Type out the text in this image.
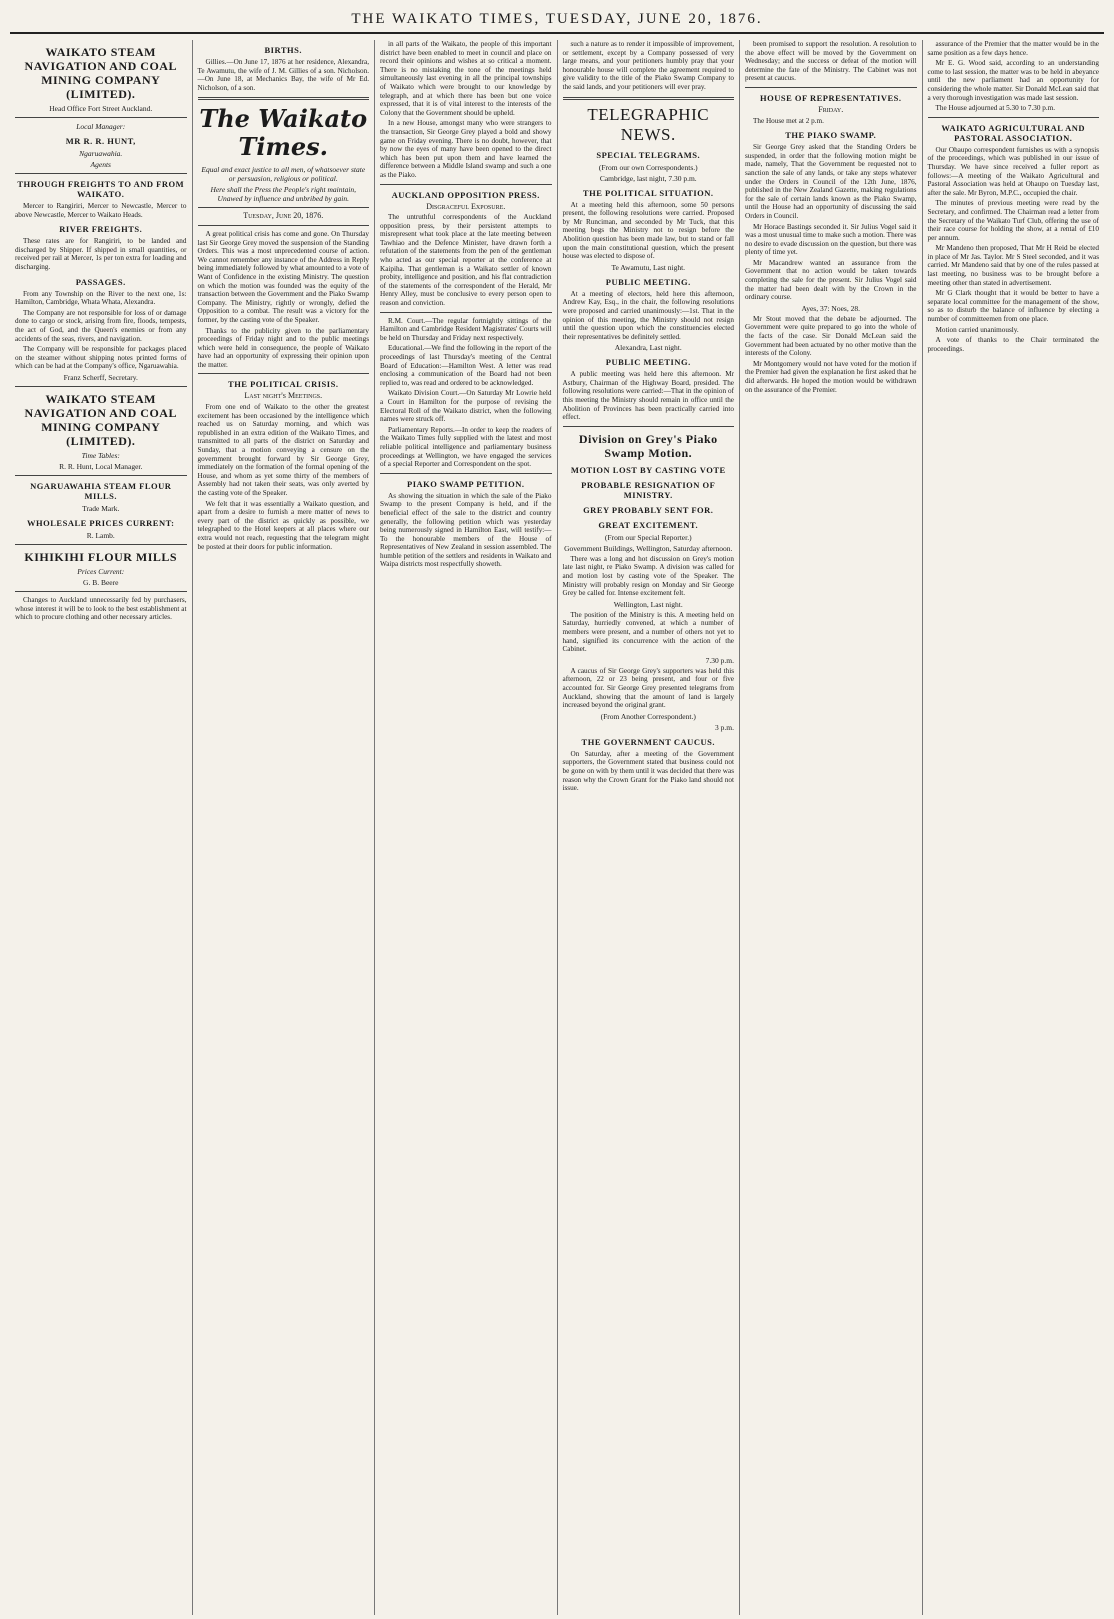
THE WAIKATO TIMES, TUESDAY, JUNE 20, 1876.
WAIKATO STEAM NAVIGATION AND COAL MINING COMPANY (LIMITED).
Head Office Fort Street Auckland.
Local Manager:
MR R. R. HUNT,
Ngaruawahia.
Agents
THROUGH FREIGHTS TO AND FROM WAIKATO.

Mercer to Rangiriri, Mercer to Newcastle, Mercer to above Newcastle, Mercer to Waikato Heads.

RIVER FREIGHTS.

These rates are for Rangiriri, to be landed and discharged by Shipper. If shipped in small quantities, or received per rail at Mercer, 1s per ton extra for loading and discharging.

PASSAGES.

From any Township on the River to the next one, 1s: Hamilton, Cambridge, Whata Whata, Alexandra.

The Company are not responsible for loss of or damage done to cargo or stock, arising from fire, floods, tempests, the act of God, and the Queen's enemies or from any accidents of the seas, rivers, and navigation.

The Company will be responsible for packages placed on the steamer without shipping notes printed forms of which can be had at the Company's office, Ngaruawahia.

Franz Scherff, Secretary.
WAIKATO STEAM NAVIGATION AND COAL MINING COMPANY (LIMITED).
Time Tables:
R. R. Hunt, Local Manager.
NGARUAWAHIA STEAM FLOUR MILLS.
Trade Mark.
WHOLESALE PRICES CURRENT:
R. Lamb.
KIHIKIHI FLOUR MILLS
Prices Current:
G. B. Beere

Changes to Auckland unnecessarily fed by purchasers, whose interest it will be to look to the best establishment at which to procure clothing and other necessary articles.

BIRTHS.

Gillies.—On June 17, 1876 at her residence, Alexandra, Te Awamutu, the wife of J. M. Gillies of a son. Nicholson.—On June 18, at Mechanics Bay, the wife of Mr Ed. Nicholson, of a son.

The Waikato Times.
Equal and exact justice to all men, of whatsoever state or persuasion, religious or political.
Here shall the Press the People's right maintain, Unawed by influence and unbribed by gain.
Tuesday, June 20, 1876.

A great political crisis has come and gone. On Thursday last Sir George Grey moved the suspension of the Standing Orders. This was a most unprecedented course of action. We cannot remember any instance of the Address in Reply being immediately followed by what amounted to a vote of Want of Confidence in the existing Ministry. The question on which the motion was founded was the equity of the transaction between the Government and the Piako Swamp Company. The Ministry, rightly or wrongly, defied the Opposition to a combat. The result was a victory for the former, by the casting vote of the Speaker.

Thanks to the publicity given to the parliamentary proceedings of Friday night and to the public meetings which were held in consequence, the people of Waikato have had an opportunity of expressing their opinion upon the matter.

THE POLITICAL CRISIS.
Last night's Meetings.

From one end of Waikato to the other the greatest excitement has been occasioned by the intelligence which reached us on Saturday morning, and which was republished in an extra edition of the Waikato Times, and transmitted to all parts of the district on Saturday and Sunday, that a motion conveying a censure on the government brought forward by Sir George Grey, immediately on the formation of the formal opening of the House, and whom as yet some thirty of the members of Assembly had not taken their seats, was only averted by the casting vote of the Speaker.

We felt that it was essentially a Waikato question, and apart from a desire to furnish a mere matter of news to every part of the district as quickly as possible, we telegraphed to the Hotel keepers at all places where our extra would not reach, requesting that the telegram might be posted at their doors for public information.

in all parts of the Waikato, the people of this important district have been enabled to meet in council and place on record their opinions and wishes at so critical a moment. There is no mistaking the tone of the meetings held simultaneously last evening in all the principal townships of Waikato which were brought to our knowledge by telegraph, and at which there has been but one voice expressed, that it is of vital interest to the interests of the Colony that the Government should be upheld.

In a new House, amongst many who were strangers to the transaction, Sir George Grey played a bold and showy game on Friday evening. There is no doubt, however, that by now the eyes of many have been opened to the direct which has been put upon them and have learned the difference between a Middle Island swamp and such a one as the Piako.

AUCKLAND OPPOSITION PRESS.
Disgraceful Exposure.

The untruthful correspondents of the Auckland opposition press, by their persistent attempts to misrepresent what took place at the late meeting between Tawhiao and the Defence Minister, have drawn forth a refutation of the statements from the pen of the gentleman who acted as our special reporter at the conference at Kaipiha. That gentleman is a Waikato settler of known probity, intelligence and position, and his flat contradiction of the statements of the correspondent of the Herald, Mr Henry Alley, must be conclusive to every person open to reason and conviction.

R.M. Court.—The regular fortnightly sittings of the Hamilton and Cambridge Resident Magistrates' Courts will be held on Thursday and Friday next respectively.

Educational.—We find the following in the report of the proceedings of last Thursday's meeting of the Central Board of Education:—Hamilton West. A letter was read enclosing a communication of the Board had not been replied to, was read and ordered to be acknowledged.

Waikato Division Court.—On Saturday Mr Lowrie held a Court in Hamilton for the purpose of revising the Electoral Roll of the Waikato district, when the following names were struck off.

Parliamentary Reports.—In order to keep the readers of the Waikato Times fully supplied with the latest and most reliable political intelligence and parliamentary business proceedings at Wellington, we have engaged the services of a special Reporter and Correspondent on the spot.

PIAKO SWAMP PETITION.

As showing the situation in which the sale of the Piako Swamp to the present Company is held, and if the beneficial effect of the sale to the district and country generally, the following petition which was yesterday being numerously signed in Hamilton East, will testify:—To the honourable members of the House of Representatives of New Zealand in session assembled. The humble petition of the settlers and residents in Waikato and Waipa districts most respectfully showeth.

such a nature as to render it impossible of improvement, or settlement, except by a Company possessed of very large means, and your petitioners humbly pray that your honourable house will complete the agreement required to give validity to the title of the Piako Swamp Company to the said lands, and your petitioners will ever pray.

TELEGRAPHIC NEWS.
SPECIAL TELEGRAMS.
(From our own Correspondents.)
Cambridge, last night, 7.30 p.m.
THE POLITICAL SITUATION.

At a meeting held this afternoon, some 50 persons present, the following resolutions were carried. Proposed by Mr Runciman, and seconded by Mr Tuck, that this meeting begs the Ministry not to resign before the Abolition question has been made law, but to stand or fall upon the main constitutional question, which the present house was elected to dispose of.

Te Awamutu, Last night.
PUBLIC MEETING.

At a meeting of electors, held here this afternoon, Andrew Kay, Esq., in the chair, the following resolutions were proposed and carried unanimously:—1st. That in the opinion of this meeting, the Ministry should not resign until the question upon which the constituencies elected their representatives be definitely settled.

Alexandra, Last night.
PUBLIC MEETING.

A public meeting was held here this afternoon. Mr Astbury, Chairman of the Highway Board, presided. The following resolutions were carried:—That in the opinion of this meeting the Ministry should remain in office until the Abolition of Provinces has been practically carried into effect.

Division on Grey's Piako Swamp Motion.
MOTION LOST BY CASTING VOTE
PROBABLE RESIGNATION OF MINISTRY.
GREY PROBABLY SENT FOR.
GREAT EXCITEMENT.
(From our Special Reporter.)
Government Buildings, Wellington, Saturday afternoon.

There was a long and hot discussion on Grey's motion late last night, re Piako Swamp. A division was called for and motion lost by casting vote of the Speaker. The Ministry will probably resign on Monday and Sir George Grey be called for. Intense excitement felt.

Wellington, Last night.

The position of the Ministry is this. A meeting held on Saturday, hurriedly convened, at which a number of members were present, and a number of others not yet to hand, signified its concurrence with the action of the Cabinet.

7.30 p.m.

A caucus of Sir George Grey's supporters was held this afternoon, 22 or 23 being present, and four or five accounted for. Sir George Grey presented telegrams from Auckland, showing that the amount of land is largely increased beyond the original grant.

(From Another Correspondent.)
3 p.m.
THE GOVERNMENT CAUCUS.

On Saturday, after a meeting of the Government supporters, the Government stated that business could not be gone on with by them until it was decided that there was reason why the Crown Grant for the Piako land should not issue.

been promised to support the resolution. A resolution to the above effect will be moved by the Government on Wednesday; and the success or defeat of the motion will determine the fate of the Ministry. The Cabinet was not present at caucus.

HOUSE OF REPRESENTATIVES.
Friday.

The House met at 2 p.m.

THE PIAKO SWAMP.

Sir George Grey asked that the Standing Orders be suspended, in order that the following motion might be made, namely, That the Government be requested not to sanction the sale of any lands, or take any steps whatever under the Orders in Council of the 12th June, 1876, published in the New Zealand Gazette, making regulations for the sale of certain lands known as the Piako Swamp, until the House had an opportunity of discussing the said Orders in Council.

Mr Horace Bastings seconded it. Sir Julius Vogel said it was a most unusual time to make such a motion. There was no desire to evade discussion on the question, but there was plenty of time yet.

Mr Macandrew wanted an assurance from the Government that no action would be taken towards completing the sale for the present. Sir Julius Vogel said the matter had been dealt with by the Crown in the ordinary course.

Ayes, 37: Noes, 28.

Mr Stout moved that the debate be adjourned. The Government were quite prepared to go into the whole of the facts of the case. Sir Donald McLean said the Government had been actuated by no other motive than the interests of the Colony.

Mr Montgomery would not have voted for the motion if the Premier had given the explanation he first asked that he did afterwards. He hoped the motion would be withdrawn on the assurance of the Premier.

assurance of the Premier that the matter would be in the same position as a few days hence.

Mr E. G. Wood said, according to an understanding come to last session, the matter was to be held in abeyance until the new parliament had an opportunity for considering the whole matter. Sir Donald McLean said that a very thorough investigation was made last session.

The House adjourned at 5.30 to 7.30 p.m.

WAIKATO AGRICULTURAL AND PASTORAL ASSOCIATION.

Our Ohaupo correspondent furnishes us with a synopsis of the proceedings, which was published in our issue of Thursday. We have since received a fuller report as follows:—A meeting of the Waikato Agricultural and Pastoral Association was held at Ohaupo on Tuesday last, after the sale. Mr Byron, M.P.C., occupied the chair.

The minutes of previous meeting were read by the Secretary, and confirmed. The Chairman read a letter from the Secretary of the Waikato Turf Club, offering the use of their race course for holding the show, at a rental of £10 per annum.

Mr Mandeno then proposed, That Mr H Reid be elected in place of Mr Jas. Taylor. Mr S Steel seconded, and it was carried. Mr Mandeno said that by one of the rules passed at last meeting, no business was to be brought before a meeting other than stated in advertisement.

Mr G Clark thought that it would be better to have a separate local committee for the management of the show, so as to disturb the balance of influence by electing a number of committeemen from one place.

Motion carried unanimously.

A vote of thanks to the Chair terminated the proceedings.
